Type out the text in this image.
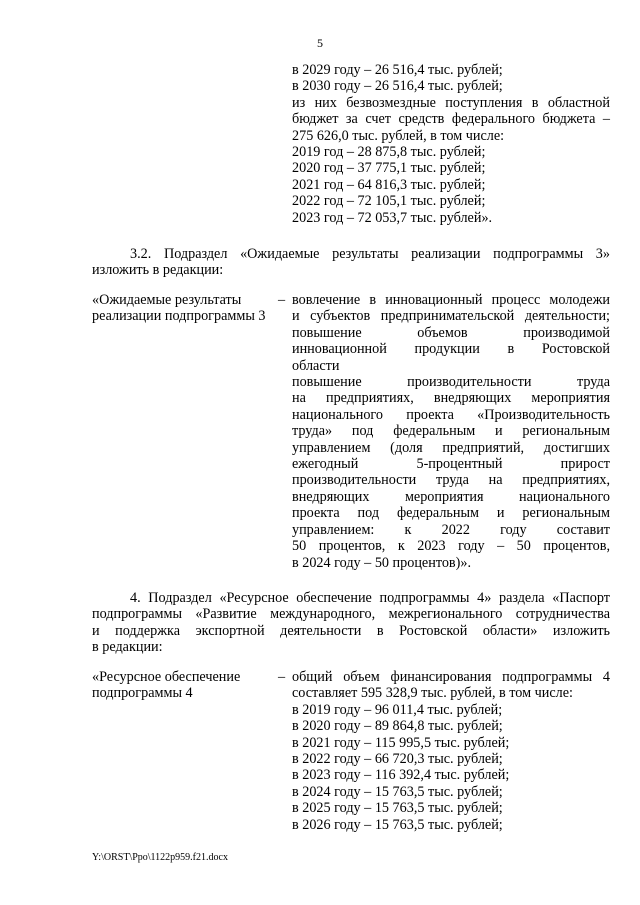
5
в 2029 году – 26 516,4 тыс. рублей;
в 2030 году – 26 516,4 тыс. рублей;
из них безвозмездные поступления в областной
бюджет за счет средств федерального бюджета –
275 626,0 тыс. рублей, в том числе:
2019 год – 28 875,8 тыс. рублей;
2020 год – 37 775,1 тыс. рублей;
2021 год – 64 816,3 тыс. рублей;
2022 год – 72 105,1 тыс. рублей;
2023 год – 72 053,7 тыс. рублей».
3.2. Подраздел «Ожидаемые результаты реализации подпрограммы 3»
изложить в редакции:
«Ожидаемые результаты
реализации подпрограммы 3
– вовлечение в инновационный процесс молодежи
и субъектов предпринимательской деятельности;
повышение объемов производимой
инновационной продукции в Ростовской
области
повышение производительности труда
на предприятиях, внедряющих мероприятия
национального проекта «Производительность
труда» под федеральным и региональным
управлением (доля предприятий, достигших
ежегодный 5-процентный прирост
производительности труда на предприятиях,
внедряющих мероприятия национального
проекта под федеральным и региональным
управлением: к 2022 году составит
50 процентов, к 2023 году – 50 процентов,
в 2024 году – 50 процентов)».
4. Подраздел «Ресурсное обеспечение подпрограммы 4» раздела «Паспорт
подпрограммы «Развитие международного, межрегионального сотрудничества
и поддержка экспортной деятельности в Ростовской области» изложить
в редакции:
«Ресурсное обеспечение
подпрограммы 4
– общий объем финансирования подпрограммы 4
составляет 595 328,9 тыс. рублей, в том числе:
в 2019 году – 96 011,4 тыс. рублей;
в 2020 году – 89 864,8 тыс. рублей;
в 2021 году – 115 995,5 тыс. рублей;
в 2022 году – 66 720,3 тыс. рублей;
в 2023 году – 116 392,4 тыс. рублей;
в 2024 году – 15 763,5 тыс. рублей;
в 2025 году – 15 763,5 тыс. рублей;
в 2026 году – 15 763,5 тыс. рублей;
Y:\ORST\Ppo\1122p959.f21.docx
